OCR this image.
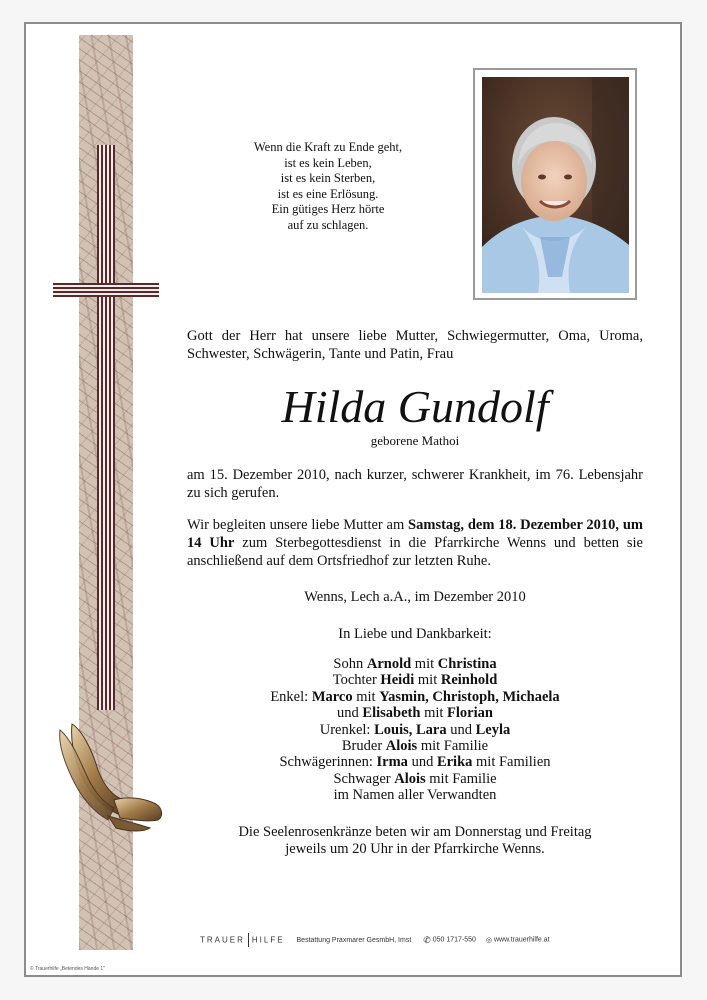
Wenn die Kraft zu Ende geht,
ist es kein Leben,
ist es kein Sterben,
ist es eine Erlösung.
Ein gütiges Herz hörte
auf zu schlagen.
Gott der Herr hat unsere liebe Mutter, Schwiegermutter, Oma, Uroma, Schwester, Schwägerin, Tante und Patin, Frau
Hilda Gundolf
geborene Mathoi
am 15. Dezember 2010, nach kurzer, schwerer Krankheit, im 76. Lebensjahr zu sich gerufen.
Wir begleiten unsere liebe Mutter am Samstag, dem 18. Dezember 2010, um 14 Uhr zum Sterbegottesdienst in die Pfarrkirche Wenns und betten sie anschließend auf dem Ortsfriedhof zur letzten Ruhe.
Wenns, Lech a.A., im Dezember 2010
In Liebe und Dankbarkeit:
Sohn Arnold mit Christina
Tochter Heidi mit Reinhold
Enkel: Marco mit Yasmin, Christoph, Michaela
und Elisabeth mit Florian
Urenkel: Louis, Lara und Leyla
Bruder Alois mit Familie
Schwägerinnen: Irma und Erika mit Familien
Schwager Alois mit Familie
im Namen aller Verwandten
Die Seelenrosenkränze beten wir am Donnerstag und Freitag
jeweils um 20 Uhr in der Pfarrkirche Wenns.
TRAUER HILFE Bestattung Praxmarer GesmbH, Imst ✆ 050 1717-550 ◎ www.trauerhilfe.at
© Trauerhilfe „Betendes Hände 1"
